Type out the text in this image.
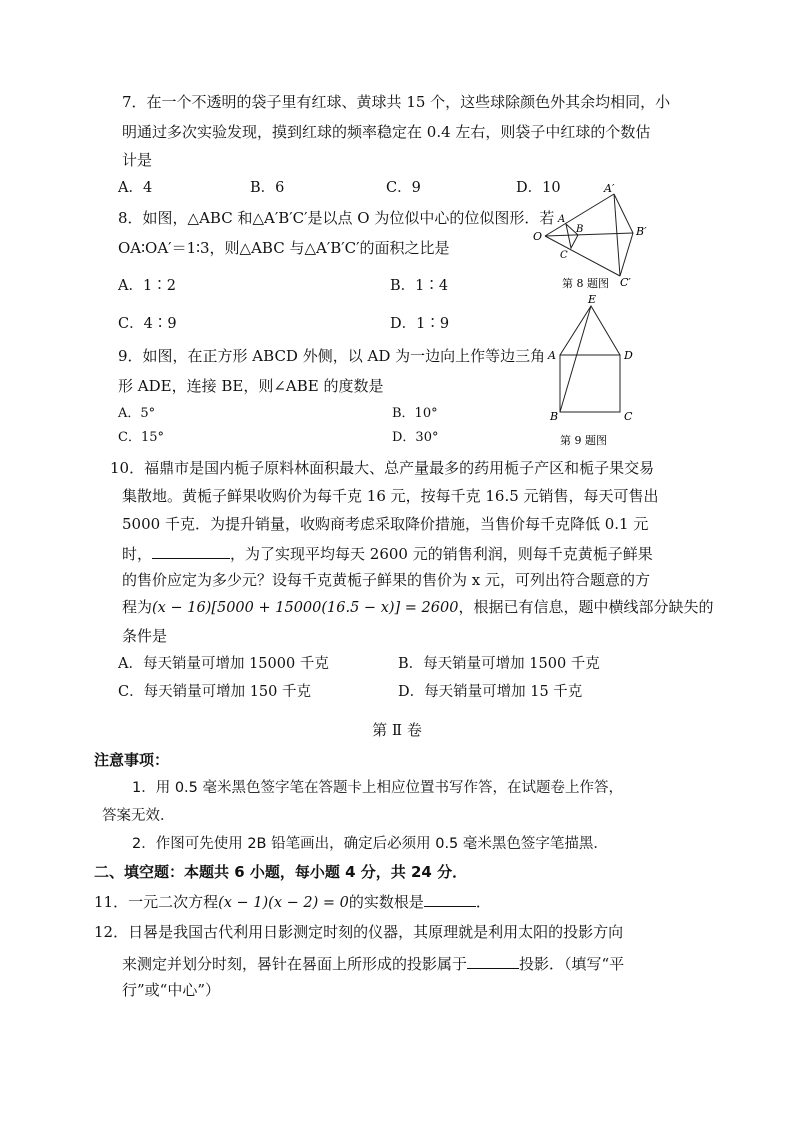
7．在一个不透明的袋子里有红球、黄球共 15 个，这些球除颜色外其余均相同，小
明通过多次实验发现，摸到红球的频率稳定在 0.4 左右，则袋子中红球的个数估
计是
A．4	B．6	C．9	D．10
8．如图，△ABC 和△A′B′C′是以点 O 为位似中心的位似图形．若
OA∶OA′＝1∶3，则△ABC 与△A′B′C′的面积之比是
A．1∶2	B．1∶4
C．4∶9	D．1∶9
A′
B′
C′
A
B
C
O
第 8 题图
9．如图，在正方形 ABCD 外侧，以 AD 为一边向上作等边三角
形 ADE，连接 BE，则∠ABE 的度数是
A．5°	B．10°
C．15°	D．30°
E
A	D
B	C
第 9 题图
10．福鼎市是国内栀子原料林面积最大、总产量最多的药用栀子产区和栀子果交易
集散地。黄栀子鲜果收购价为每千克 16 元，按每千克 16.5 元销售，每天可售出
5000 千克．为提升销量，收购商考虑采取降价措施，当售价每千克降低 0.1 元
时，	，为了实现平均每天 2600 元的销售利润，则每千克黄栀子鲜果
的售价应定为多少元？设每千克黄栀子鲜果的售价为 x 元，可列出符合题意的方
程为(x − 16)[5000 + 15000(16.5 − x)] = 2600，根据已有信息，题中横线部分缺失的
条件是
A．每天销量可增加 15000 千克	B．每天销量可增加 1500 千克
C．每天销量可增加 150 千克	D．每天销量可增加 15 千克
第 Ⅱ 卷
注意事项：
1．用 0.5 毫米黑色签字笔在答题卡上相应位置书写作答，在试题卷上作答，
答案无效．
2．作图可先使用 2B 铅笔画出，确定后必须用 0.5 毫米黑色签字笔描黑．
二、填空题：本题共 6 小题，每小题 4 分，共 24 分．
11．一元二次方程(x − 1)(x − 2) = 0的实数根是	．
12．日晷是我国古代利用日影测定时刻的仪器，其原理就是利用太阳的投影方向
来测定并划分时刻，晷针在晷面上所形成的投影属于	投影．（填写“平
行”或“中心”）
